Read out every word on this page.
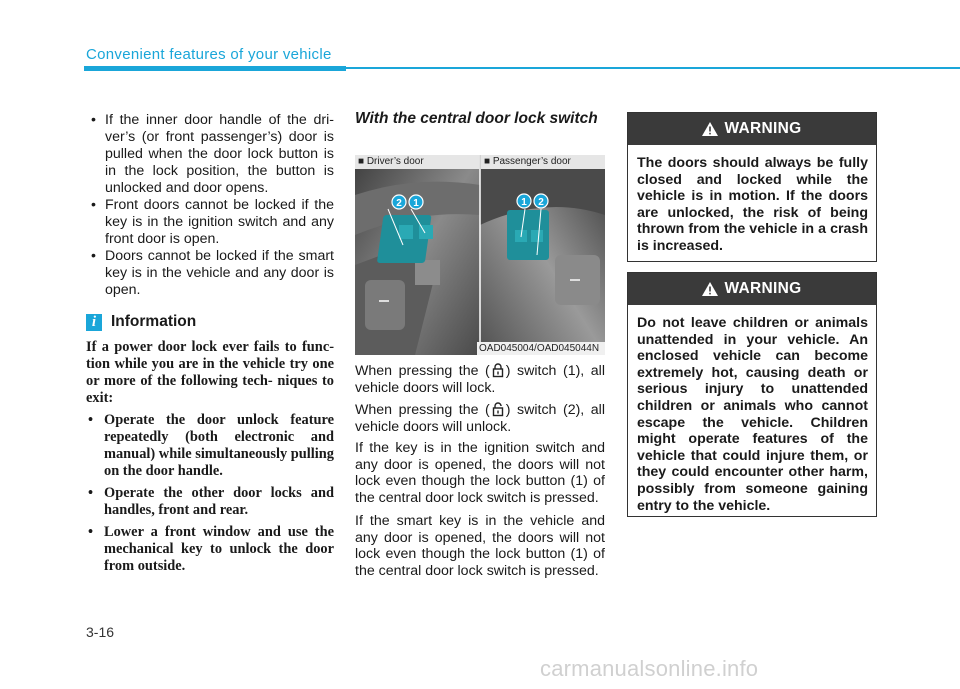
Convenient features of your vehicle
• If the inner door handle of the dri- ver’s (or front passenger’s) door is pulled when the door lock button is in the lock position, the button is unlocked and door opens.
• Front doors cannot be locked if the key is in the ignition switch and any front door is open.
• Doors cannot be locked if the smart key is in the vehicle and any door is open.
i Information
If a power door lock ever fails to func- tion while you are in the vehicle try one or more of the following tech- niques to exit:
• Operate the door unlock feature repeatedly (both electronic and manual) while simultaneously pulling on the door handle.
• Operate the other door locks and handles, front and rear.
• Lower a front window and use the mechanical key to unlock the door from outside.
With the central door lock switch
2 1	1 2
■ Driver’s door	■ Passenger’s door
OAD045004/OAD045044N
When pressing the ( ) switch (1), all vehicle doors will lock.
When pressing the ( ) switch (2), all vehicle doors will unlock.
If the key is in the ignition switch and any door is opened, the doors will not lock even though the lock button (1) of the central door lock switch is pressed.
If the smart key is in the vehicle and any door is opened, the doors will not lock even though the lock button (1) of the central door lock switch is pressed.
WARNING
The doors should always be fully closed and locked while the vehicle is in motion. If the doors are unlocked, the risk of being thrown from the vehicle in a crash is increased.
WARNING
Do not leave children or animals unattended in your vehicle. An enclosed vehicle can become extremely hot, causing death or serious injury to unattended children or animals who cannot escape the vehicle. Children might operate features of the vehicle that could injure them, or they could encounter other harm, possibly from someone gaining entry to the vehicle.
3-16
carmanualsonline.info
